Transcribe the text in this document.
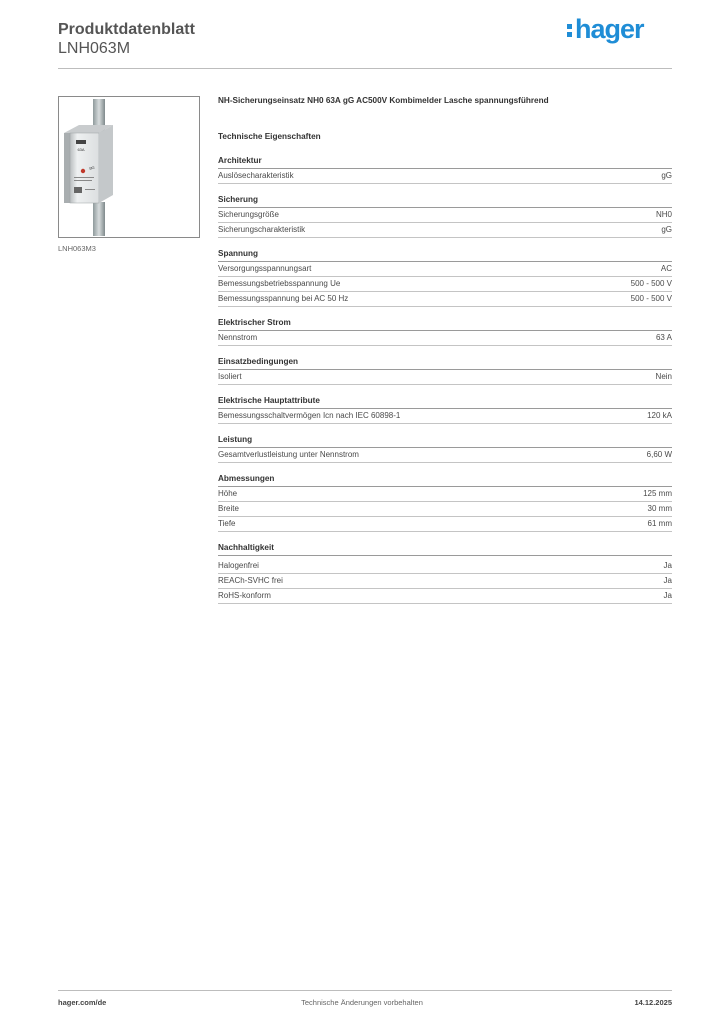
Produktdatenblatt
LNH063M
hager
63A
gG
LNH063M3

NH-Sicherungseinsatz NH0 63A gG AC500V Kombimelder Lasche spannungsführend

Technische Eigenschaften

Architektur
Auslösecharakteristik	gG
Sicherung
Sicherungsgröße	NH0
Sicherungscharakteristik	gG
Spannung
Versorgungsspannungsart	AC
Bemessungsbetriebsspannung Ue	500 - 500 V
Bemessungsspannung bei AC 50 Hz	500 - 500 V
Elektrischer Strom
Nennstrom	63 A
Einsatzbedingungen
Isoliert	Nein
Elektrische Hauptattribute
Bemessungsschaltvermögen Icn nach IEC 60898-1	120 kA
Leistung
Gesamtverlustleistung unter Nennstrom	6,60 W
Abmessungen
Höhe	125 mm
Breite	30 mm
Tiefe	61 mm
Nachhaltigkeit
Halogenfrei	Ja
REACh-SVHC frei	Ja
RoHS-konform	Ja
hager.com/de	Technische Änderungen vorbehalten	14.12.2025
